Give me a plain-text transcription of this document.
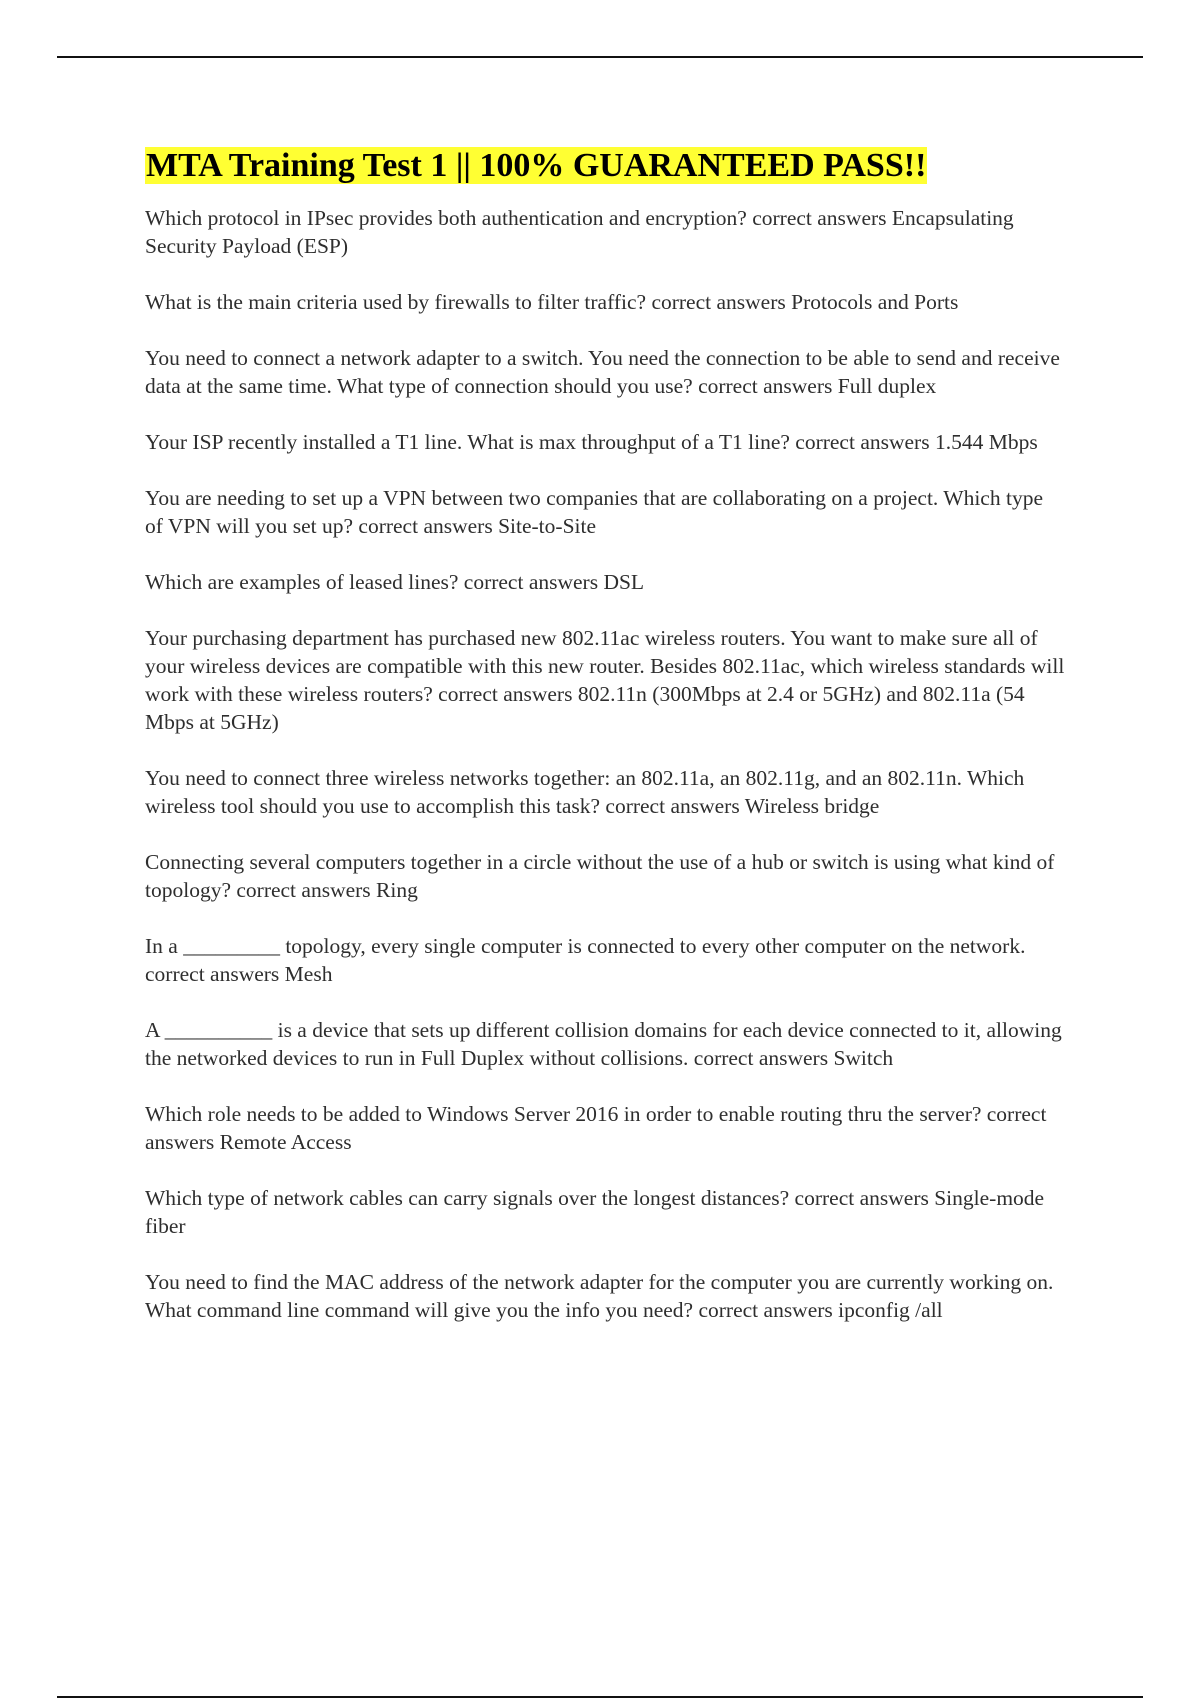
MTA Training Test 1 || 100% GUARANTEED PASS!!

Which protocol in IPsec provides both authentication and encryption? correct answers Encapsulating Security Payload (ESP)

What is the main criteria used by firewalls to filter traffic? correct answers Protocols and Ports

You need to connect a network adapter to a switch. You need the connection to be able to send and receive data at the same time. What type of connection should you use? correct answers Full duplex

Your ISP recently installed a T1 line. What is max throughput of a T1 line? correct answers 1.544 Mbps

You are needing to set up a VPN between two companies that are collaborating on a project. Which type of VPN will you set up? correct answers Site-to-Site

Which are examples of leased lines? correct answers DSL

Your purchasing department has purchased new 802.11ac wireless routers. You want to make sure all of your wireless devices are compatible with this new router. Besides 802.11ac, which wireless standards will work with these wireless routers? correct answers 802.11n (300Mbps at 2.4 or 5GHz) and 802.11a (54 Mbps at 5GHz)

You need to connect three wireless networks together: an 802.11a, an 802.11g, and an 802.11n. Which wireless tool should you use to accomplish this task? correct answers Wireless bridge

Connecting several computers together in a circle without the use of a hub or switch is using what kind of topology? correct answers Ring

In a _________ topology, every single computer is connected to every other computer on the network. correct answers Mesh

A __________ is a device that sets up different collision domains for each device connected to it, allowing the networked devices to run in Full Duplex without collisions. correct answers Switch

Which role needs to be added to Windows Server 2016 in order to enable routing thru the server? correct answers Remote Access

Which type of network cables can carry signals over the longest distances? correct answers Single-mode fiber

You need to find the MAC address of the network adapter for the computer you are currently working on. What command line command will give you the info you need? correct answers ipconfig /all
